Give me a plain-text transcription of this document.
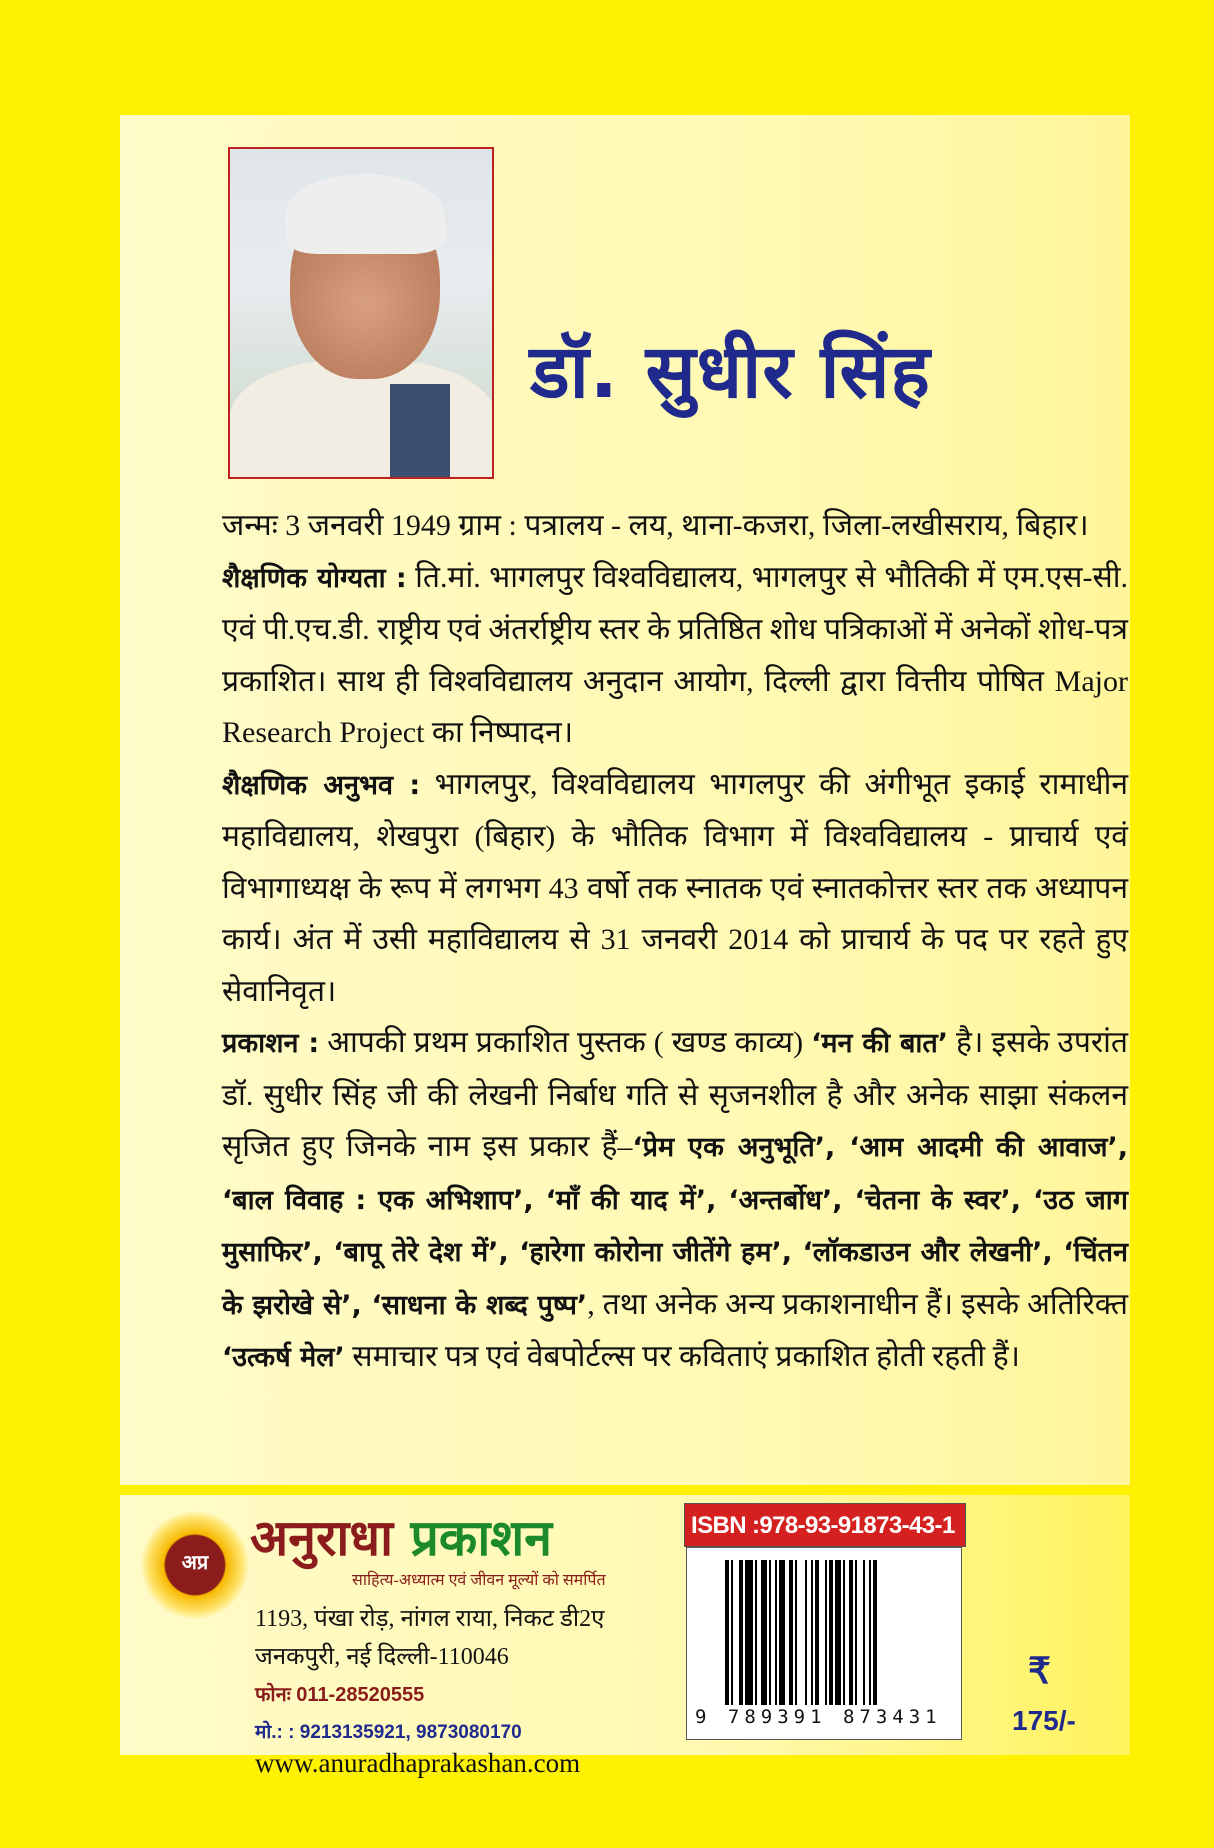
डॉ. सुधीर सिंह

जन्मः 3 जनवरी 1949 ग्राम : पत्रालय - लय, थाना-कजरा, जिला-लखीसराय, बिहार।

शैक्षणिक योग्यता : ति.मां. भागलपुर विश्वविद्यालय, भागलपुर से भौतिकी में एम.एस-सी. एवं पी.एच.डी. राष्ट्रीय एवं अंतर्राष्ट्रीय स्तर के प्रतिष्ठित शोध पत्रिकाओं में अनेकों शोध-पत्र प्रकाशित। साथ ही विश्वविद्यालय अनुदान आयोग, दिल्ली द्वारा वित्तीय पोषित Major Research Project का निष्पादन।

शैक्षणिक अनुभव : भागलपुर, विश्वविद्यालय भागलपुर की अंगीभूत इकाई रामाधीन महाविद्यालय, शेखपुरा (बिहार) के भौतिक विभाग में विश्वविद्यालय - प्राचार्य एवं विभागाध्यक्ष के रूप में लगभग 43 वर्षो तक स्नातक एवं स्नातकोत्तर स्तर तक अध्यापन कार्य। अंत में उसी महाविद्यालय से 31 जनवरी 2014 को प्राचार्य के पद पर रहते हुए सेवानिवृत।

प्रकाशन : आपकी प्रथम प्रकाशित पुस्तक ( खण्ड काव्य) ‘मन की बात’ है। इसके उपरांत डॉ. सुधीर सिंह जी की लेखनी निर्बाध गति से सृजनशील है और अनेक साझा संकलन सृजित हुए जिनके नाम इस प्रकार हैं–‘प्रेम एक अनुभूति’, ‘आम आदमी की आवाज’, ‘बाल विवाह : एक अभिशाप’, ‘माँ की याद में’, ‘अन्तर्बोध’, ‘चेतना के स्वर’, ‘उठ जाग मुसाफिर’, ‘बापू तेरे देश में’, ‘हारेगा कोरोना जीतेंगे हम’, ‘लॉकडाउन और लेखनी’, ‘चिंतन के झरोखे से’, ‘साधना के शब्द पुष्प’, तथा अनेक अन्य प्रकाशनाधीन हैं। इसके अतिरिक्त ‘उत्कर्ष मेल’ समाचार पत्र एवं वेबपोर्टल्स पर कविताएं प्रकाशित होती रहती हैं।

अप्र अनुराधा प्रकाशन
साहित्य-अध्यात्म एवं जीवन मूल्यों को समर्पित
1193, पंखा रोड़, नांगल राया, निकट डी2ए
जनकपुरी, नई दिल्ली-110046
फोनः 011-28520555
मो.: : 9213135921, 9873080170
www.anuradhaprakashan.com
9 789391 873431
ISBN :978-93-91873-43-1
₹
175/-
